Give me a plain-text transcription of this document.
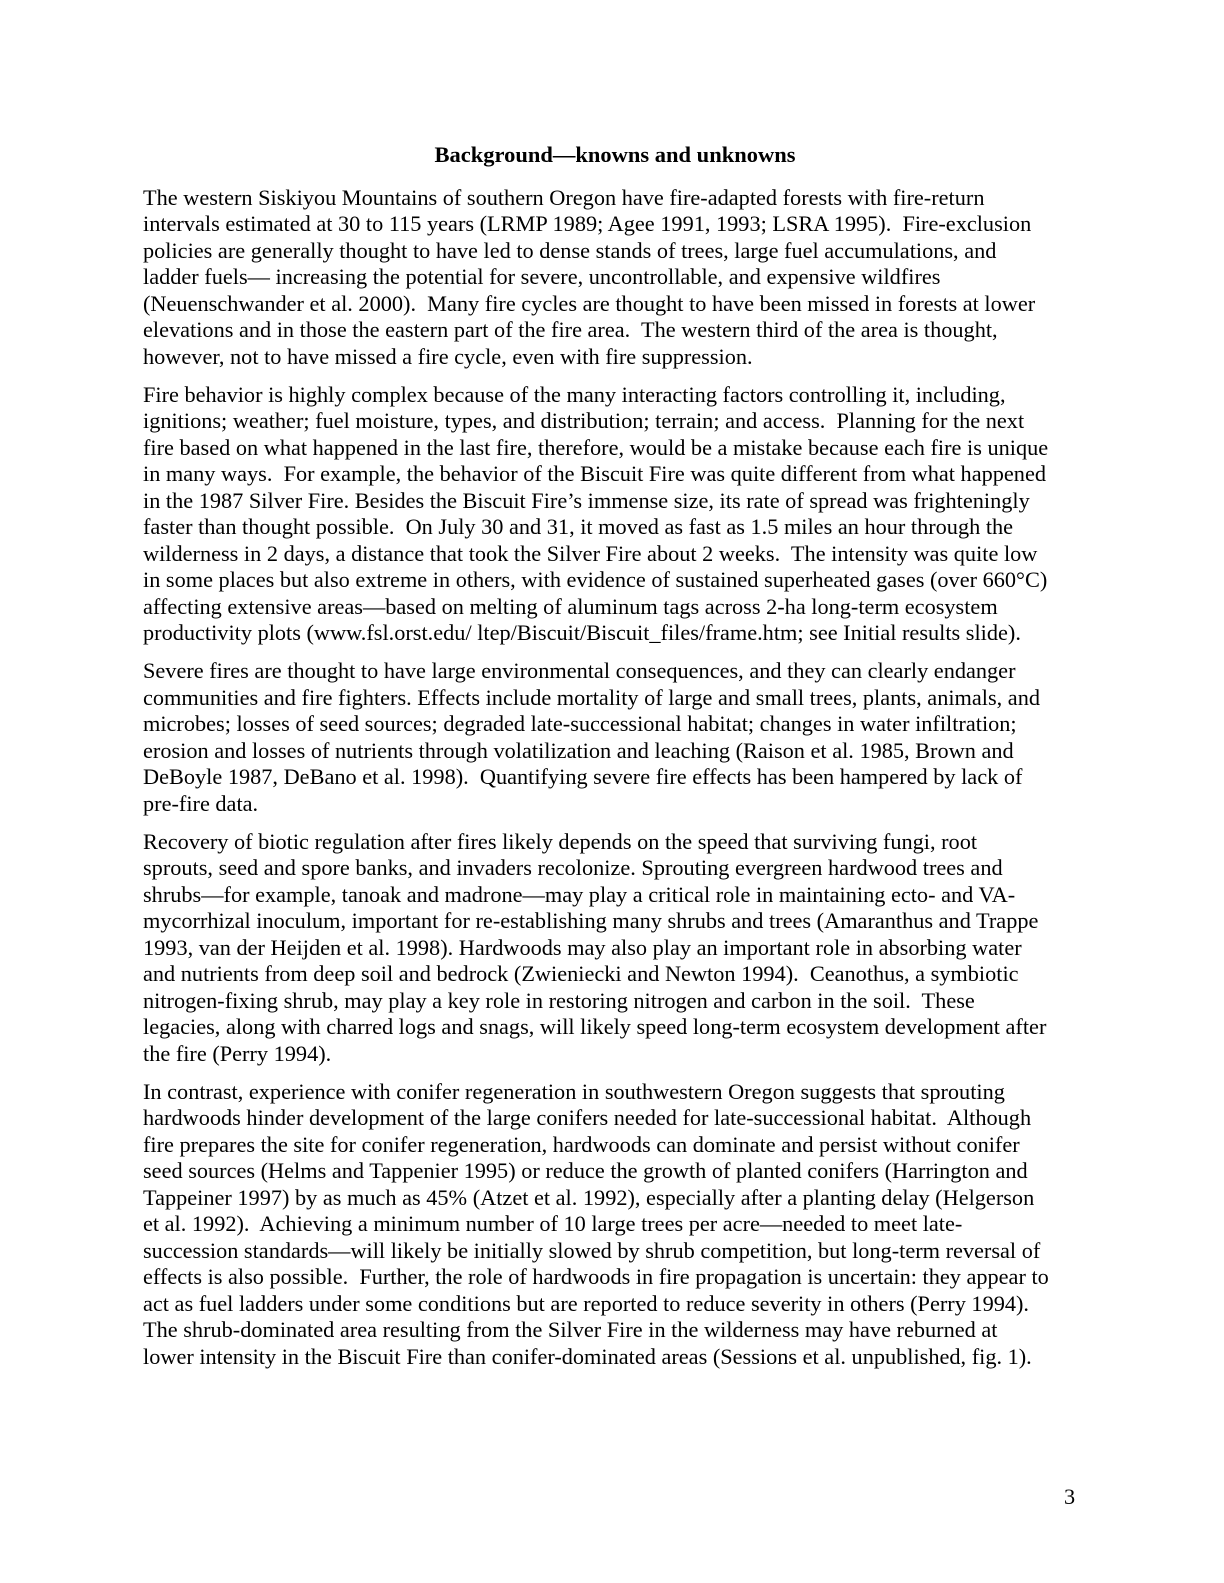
Background—knowns and unknowns

The western Siskiyou Mountains of southern Oregon have fire-adapted forests with fire-return
intervals estimated at 30 to 115 years (LRMP 1989; Agee 1991, 1993; LSRA 1995).  Fire-exclusion
policies are generally thought to have led to dense stands of trees, large fuel accumulations, and
ladder fuels— increasing the potential for severe, uncontrollable, and expensive wildfires
(Neuenschwander et al. 2000).  Many fire cycles are thought to have been missed in forests at lower
elevations and in those the eastern part of the fire area.  The western third of the area is thought,
however, not to have missed a fire cycle, even with fire suppression.

Fire behavior is highly complex because of the many interacting factors controlling it, including,
ignitions; weather; fuel moisture, types, and distribution; terrain; and access.  Planning for the next
fire based on what happened in the last fire, therefore, would be a mistake because each fire is unique
in many ways.  For example, the behavior of the Biscuit Fire was quite different from what happened
in the 1987 Silver Fire. Besides the Biscuit Fire’s immense size, its rate of spread was frighteningly
faster than thought possible.  On July 30 and 31, it moved as fast as 1.5 miles an hour through the
wilderness in 2 days, a distance that took the Silver Fire about 2 weeks.  The intensity was quite low
in some places but also extreme in others, with evidence of sustained superheated gases (over 660°C)
affecting extensive areas—based on melting of aluminum tags across 2-ha long-term ecosystem
productivity plots (www.fsl.orst.edu/ ltep/Biscuit/Biscuit_files/frame.htm; see Initial results slide).

Severe fires are thought to have large environmental consequences, and they can clearly endanger
communities and fire fighters. Effects include mortality of large and small trees, plants, animals, and
microbes; losses of seed sources; degraded late-successional habitat; changes in water infiltration;
erosion and losses of nutrients through volatilization and leaching (Raison et al. 1985, Brown and
DeBoyle 1987, DeBano et al. 1998).  Quantifying severe fire effects has been hampered by lack of
pre-fire data.

Recovery of biotic regulation after fires likely depends on the speed that surviving fungi, root
sprouts, seed and spore banks, and invaders recolonize. Sprouting evergreen hardwood trees and
shrubs—for example, tanoak and madrone—may play a critical role in maintaining ecto- and VA-
mycorrhizal inoculum, important for re-establishing many shrubs and trees (Amaranthus and Trappe
1993, van der Heijden et al. 1998). Hardwoods may also play an important role in absorbing water
and nutrients from deep soil and bedrock (Zwieniecki and Newton 1994).  Ceanothus, a symbiotic
nitrogen-fixing shrub, may play a key role in restoring nitrogen and carbon in the soil.  These
legacies, along with charred logs and snags, will likely speed long-term ecosystem development after
the fire (Perry 1994).

In contrast, experience with conifer regeneration in southwestern Oregon suggests that sprouting
hardwoods hinder development of the large conifers needed for late-successional habitat.  Although
fire prepares the site for conifer regeneration, hardwoods can dominate and persist without conifer
seed sources (Helms and Tappenier 1995) or reduce the growth of planted conifers (Harrington and
Tappeiner 1997) by as much as 45% (Atzet et al. 1992), especially after a planting delay (Helgerson
et al. 1992).  Achieving a minimum number of 10 large trees per acre—needed to meet late-
succession standards—will likely be initially slowed by shrub competition, but long-term reversal of
effects is also possible.  Further, the role of hardwoods in fire propagation is uncertain: they appear to
act as fuel ladders under some conditions but are reported to reduce severity in others (Perry 1994).
The shrub-dominated area resulting from the Silver Fire in the wilderness may have reburned at
lower intensity in the Biscuit Fire than conifer-dominated areas (Sessions et al. unpublished, fig. 1).

3
